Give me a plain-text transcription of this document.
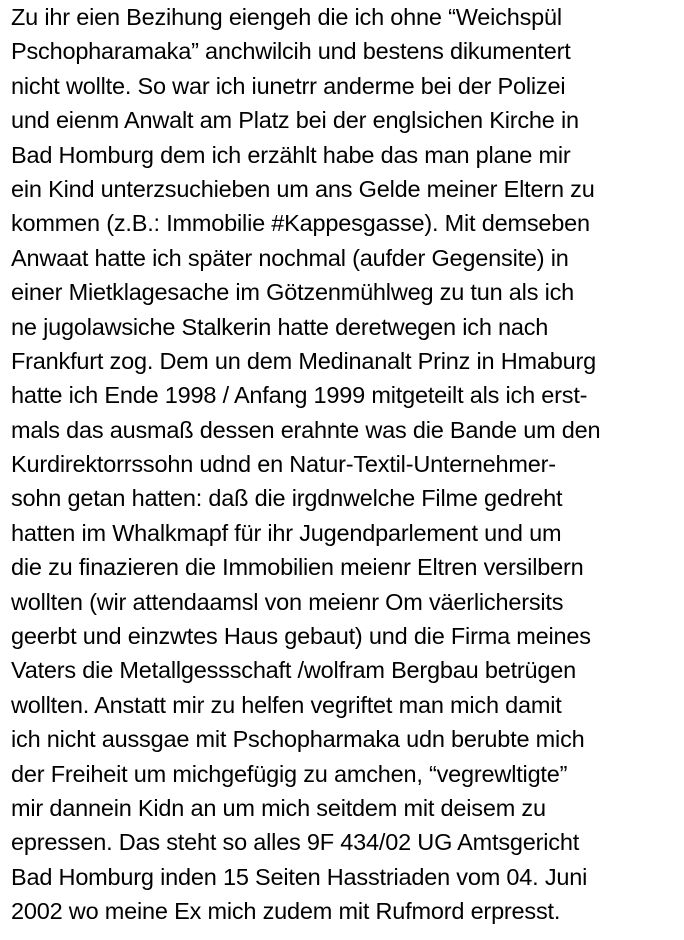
Zu ihr eien Bezihung eiengeh die ich ohne “Weichspül
Pschopharamaka” anchwilcih und bestens dikumentert
nicht wollte. So war ich iunetrr anderme bei der Polizei
und eienm Anwalt am Platz bei der englsichen Kirche in
Bad Homburg dem ich erzählt habe das man plane mir
ein Kind unterzsuchieben um ans Gelde meiner Eltern zu
kommen (z.B.: Immobilie #Kappesgasse). Mit demseben
Anwaat hatte ich später nochmal (aufder Gegensite) in
einer Mietklagesache im Götzenmühlweg zu tun als ich
ne jugolawsiche Stalkerin hatte deretwegen ich nach
Frankfurt zog. Dem un dem Medinanalt Prinz in Hmaburg
hatte ich Ende 1998 / Anfang 1999 mitgeteilt als ich erst-
mals das ausmaß dessen erahnte was die Bande um den
Kurdirektorrssohn udnd en Natur-Textil-Unternehmer-
sohn getan hatten: daß die irgdnwelche Filme gedreht
hatten im Whalkmapf für ihr Jugendparlement und um
die zu finazieren die Immobilien meienr Eltren versilbern
wollten (wir attendaamsl von meienr Om väerlichersits
geerbt und einzwtes Haus gebaut) und die Firma meines
Vaters die Metallgessschaft /wolfram Bergbau betrügen
wollten. Anstatt mir zu helfen vegriftet man mich damit
ich nicht aussgae mit Pschopharmaka udn berubte mich
der Freiheit um michgefügig zu amchen, “vegrewltigte”
mir dannein Kidn an um mich seitdem mit deisem zu
epressen. Das steht so alles 9F 434/02 UG Amtsgericht
Bad Homburg inden 15 Seiten Hasstriaden vom 04. Juni
2002 wo meine Ex mich zudem mit Rufmord erpresst.
